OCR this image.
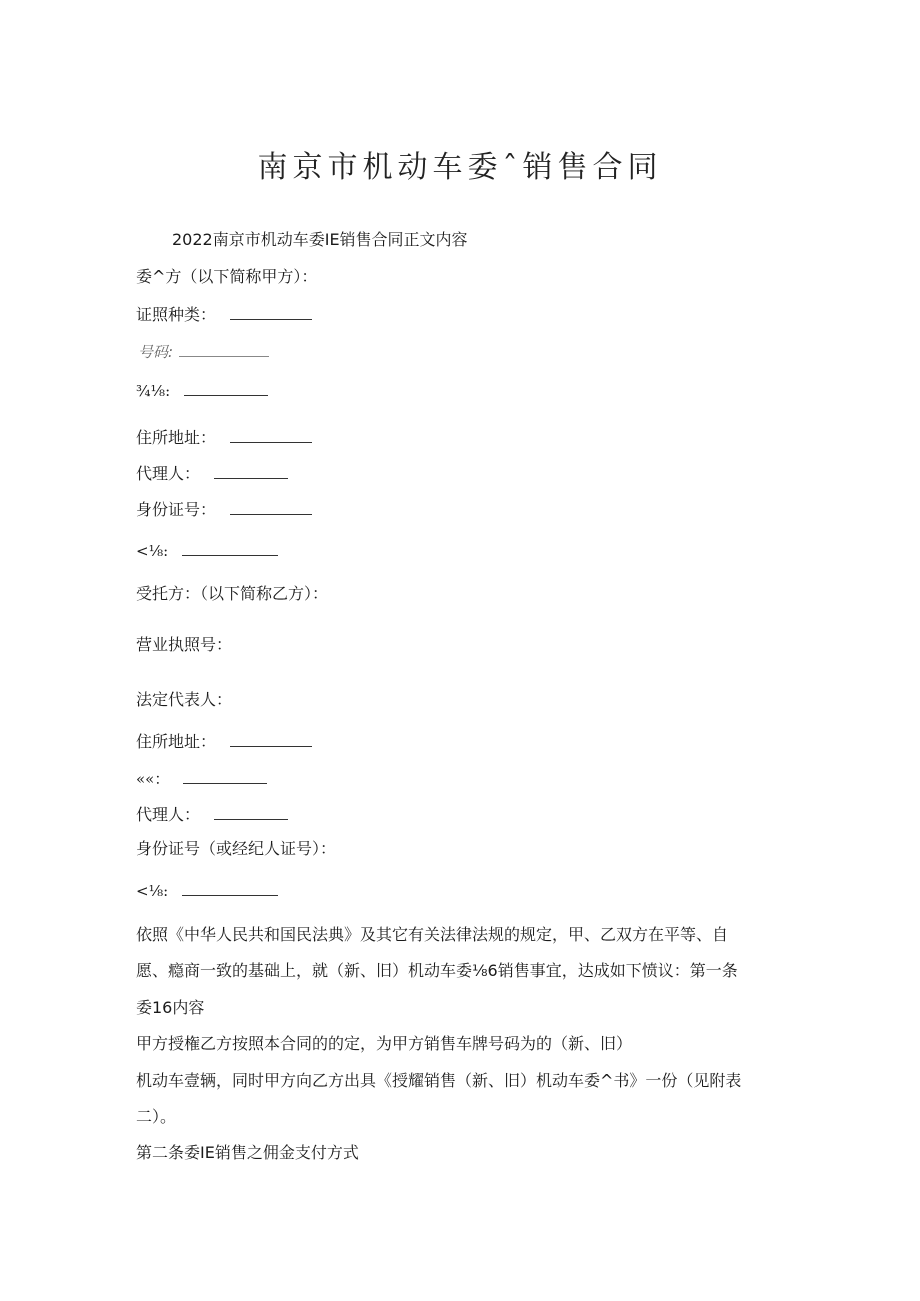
南京市机动车委ˆ销售合同
2022南京市机动车委IE销售合同正文内容
委^方（以下简称甲方）：
证照种类：
号码:
¾⅛:
住所地址：
代理人：
身份证号：
<⅛:
受托方：（以下简称乙方）：
营业执照号：
法定代表人：
住所地址：
««：
代理人：
身份证号（或经纪人证号）：
<⅛:
依照《中华人民共和国民法典》及其它有关法律法规的规定，甲、乙双方在平等、自
愿、瘾商一致的基础上，就（新、旧）机动车委⅛6销售事宜，达成如下愤议：第一条
委16内容
甲方授権乙方按照本合同的的定，为甲方销售车牌号码为的（新、旧）
机动车壹辆，同时甲方向乙方出具《授耀销售（新、旧）机动车委^书》一份（见附表
二）。
第二条委IE销售之佣金支付方式
